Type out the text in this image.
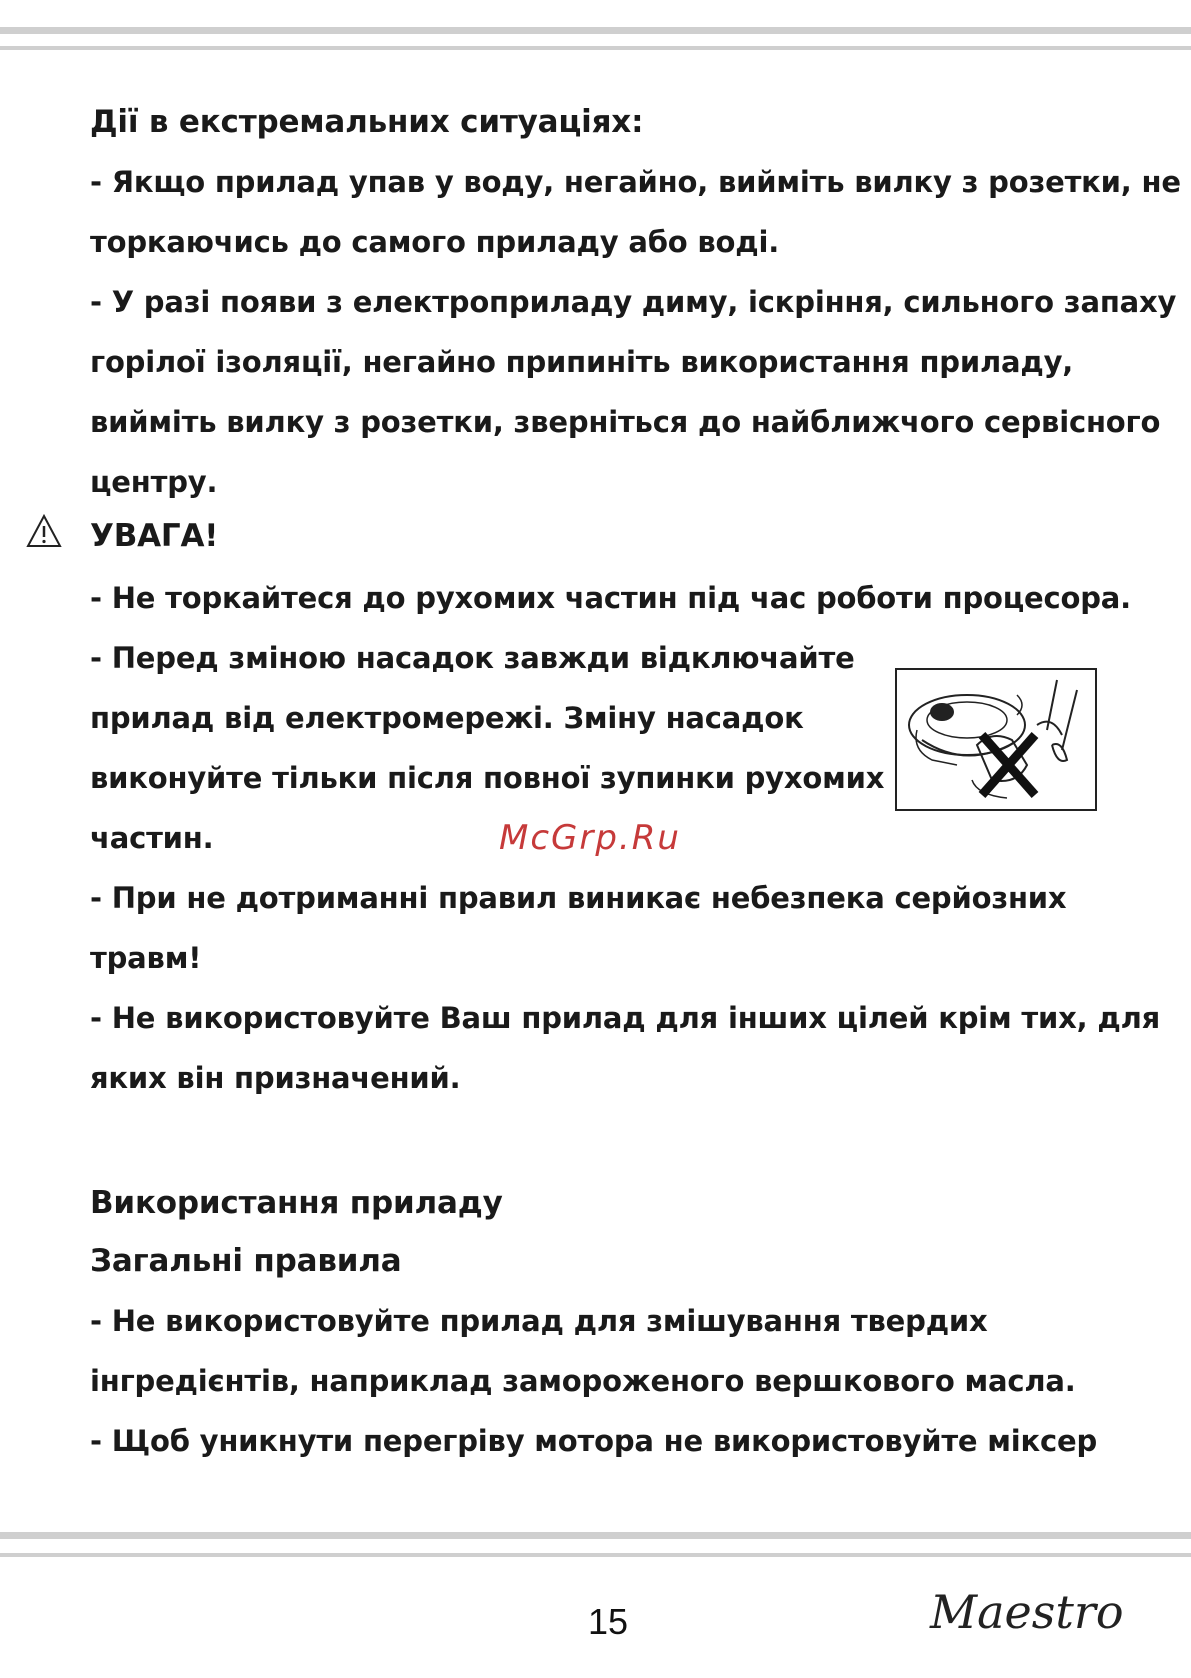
Дії в екстремальних ситуаціях:
- Якщо прилад упав у воду, негайно, вийміть вилку з розетки, не
торкаючись до самого приладу або воді.
- У разі появи з електроприладу диму, іскріння, сильного запаху
горілої ізоляції, негайно припиніть використання приладу,
вийміть вилку з розетки, зверніться до найближчого сервісного
центру.
УВАГА!
- Не торкайтеся до рухомих частин під час роботи процесора.
- Перед зміною насадок завжди відключайте
прилад від електромережі. Зміну насадок
виконуйте тільки після повної зупинки рухомих
частин.
- При не дотриманні правил виникає небезпека серйозних
травм!
- Не використовуйте Ваш прилад для інших цілей крім тих, для
яких він призначений.
McGrp.Ru
Використання приладу
Загальні правила
- Не використовуйте прилад для змішування твердих
інгредієнтів, наприклад замороженого вершкового масла.
- Щоб уникнути перегріву мотора не використовуйте міксер
15	Maestro
